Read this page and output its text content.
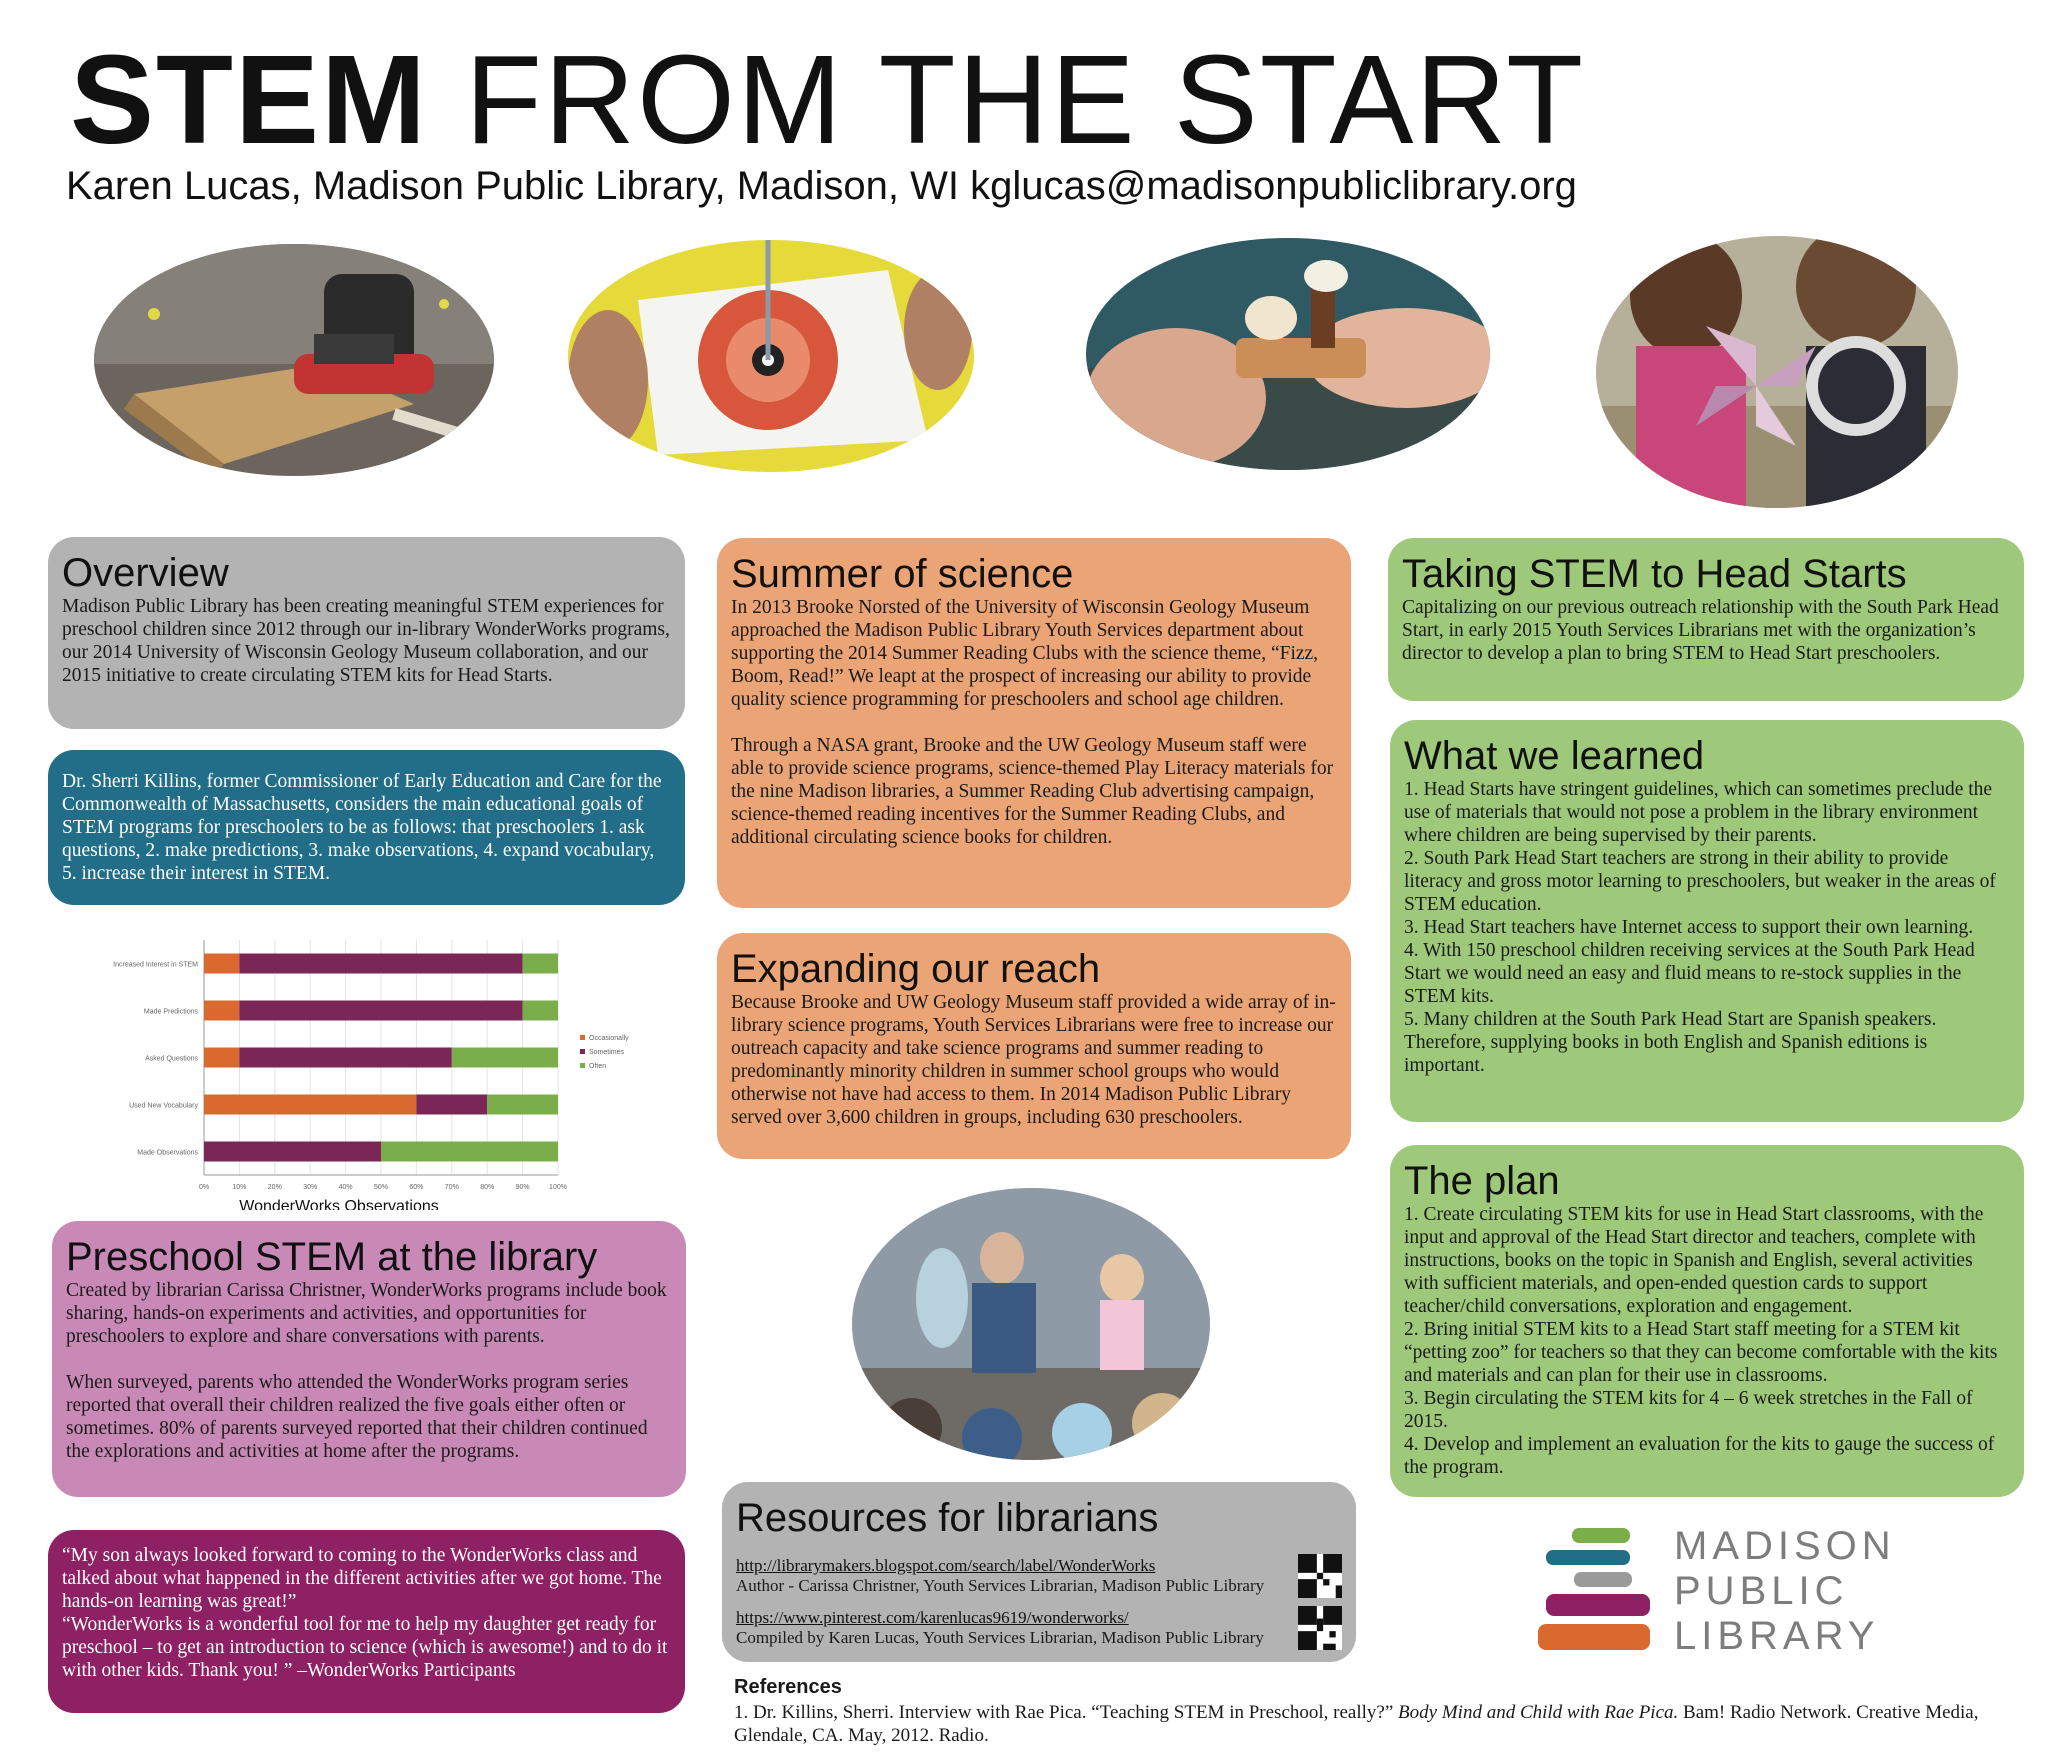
STEM FROM THE START
Karen Lucas, Madison Public Library, Madison, WI kglucas@madisonpubliclibrary.org
Overview

Madison Public Library has been creating meaningful STEM experiences for preschool children since 2012 through our in-library WonderWorks programs, our 2014 University of Wisconsin Geology Museum collaboration, and our 2015 initiative to create circulating STEM kits for Head Starts.

Dr. Sherri Killins, former Commissioner of Early Education and Care for the Commonwealth of Massachusetts, considers the main educational goals of STEM programs for preschoolers to be as follows: that preschoolers 1. ask questions, 2. make predictions, 3. make observations, 4. expand vocabulary, 5. increase their interest in STEM.

0%	10%	20%	30%	40%	50%	60%	70%	80%	90%	100%
Increased Interest in STEM
Made Predictions
Asked Questions
Used New Vocabulary
Made Observations
Occasionally
Sometimes
Often
WonderWorks Observations
Preschool STEM at the library

Created by librarian Carissa Christner, WonderWorks programs include book sharing, hands-on experiments and activities, and opportunities for preschoolers to explore and share conversations with parents.

When surveyed, parents who attended the WonderWorks program series reported that overall their children realized the five goals either often or sometimes. 80% of parents surveyed reported that their children continued the explorations and activities at home after the programs.

“My son always looked forward to coming to the WonderWorks class and talked about what happened in the different activities after we got home. The hands-on learning was great!”
“WonderWorks is a wonderful tool for me to help my daughter get ready for preschool – to get an introduction to science (which is awesome!) and to do it with other kids. Thank you! ” –WonderWorks Participants

Summer of science

In 2013 Brooke Norsted of the University of Wisconsin Geology Museum approached the Madison Public Library Youth Services department about supporting the 2014 Summer Reading Clubs with the science theme, “Fizz, Boom, Read!” We leapt at the prospect of increasing our ability to provide quality science programming for preschoolers and school age children.

Through a NASA grant, Brooke and the UW Geology Museum staff were able to provide science programs, science-themed Play Literacy materials for the nine Madison libraries, a Summer Reading Club advertising campaign, science-themed reading incentives for the Summer Reading Clubs, and additional circulating science books for children.

Expanding our reach

Because Brooke and UW Geology Museum staff provided a wide array of in-library science programs, Youth Services Librarians were free to increase our outreach capacity and take science programs and summer reading to predominantly minority children in summer school groups who would otherwise not have had access to them. In 2014 Madison Public Library served over 3,600 children in groups, including 630 preschoolers.

Resources for librarians
http://librarymakers.blogspot.com/search/label/WonderWorks
Author - Carissa Christner, Youth Services Librarian, Madison Public Library
https://www.pinterest.com/karenlucas9619/wonderworks/
Compiled by Karen Lucas, Youth Services Librarian, Madison Public Library
Taking STEM to Head Starts

Capitalizing on our previous outreach relationship with the South Park Head Start, in early 2015 Youth Services Librarians met with the organization’s director to develop a plan to bring STEM to Head Start preschoolers.

What we learned

1. Head Starts have stringent guidelines, which can sometimes preclude the use of materials that would not pose a problem in the library environment where children are being supervised by their parents.
2. South Park Head Start teachers are strong in their ability to provide literacy and gross motor learning to preschoolers, but weaker in the areas of STEM education.
3. Head Start teachers have Internet access to support their own learning.
4. With 150 preschool children receiving services at the South Park Head Start we would need an easy and fluid means to re-stock supplies in the STEM kits.
5. Many children at the South Park Head Start are Spanish speakers. Therefore, supplying books in both English and Spanish editions is important.

The plan

1. Create circulating STEM kits for use in Head Start classrooms, with the input and approval of the Head Start director and teachers, complete with instructions, books on the topic in Spanish and English, several activities with sufficient materials, and open-ended question cards to support teacher/child conversations, exploration and engagement.
2. Bring initial STEM kits to a Head Start staff meeting for a STEM kit “petting zoo” for teachers so that they can become comfortable with the kits and materials and can plan for their use in classrooms.
3. Begin circulating the STEM kits for 4 – 6 week stretches in the Fall of 2015.
4. Develop and implement an evaluation for the kits to gauge the success of the program.

MADISON
PUBLIC
LIBRARY
References

1. Dr. Killins, Sherri. Interview with Rae Pica. “Teaching STEM in Preschool, really?” Body Mind and Child with Rae Pica. Bam! Radio Network. Creative Media, Glendale, CA. May, 2012. Radio.
